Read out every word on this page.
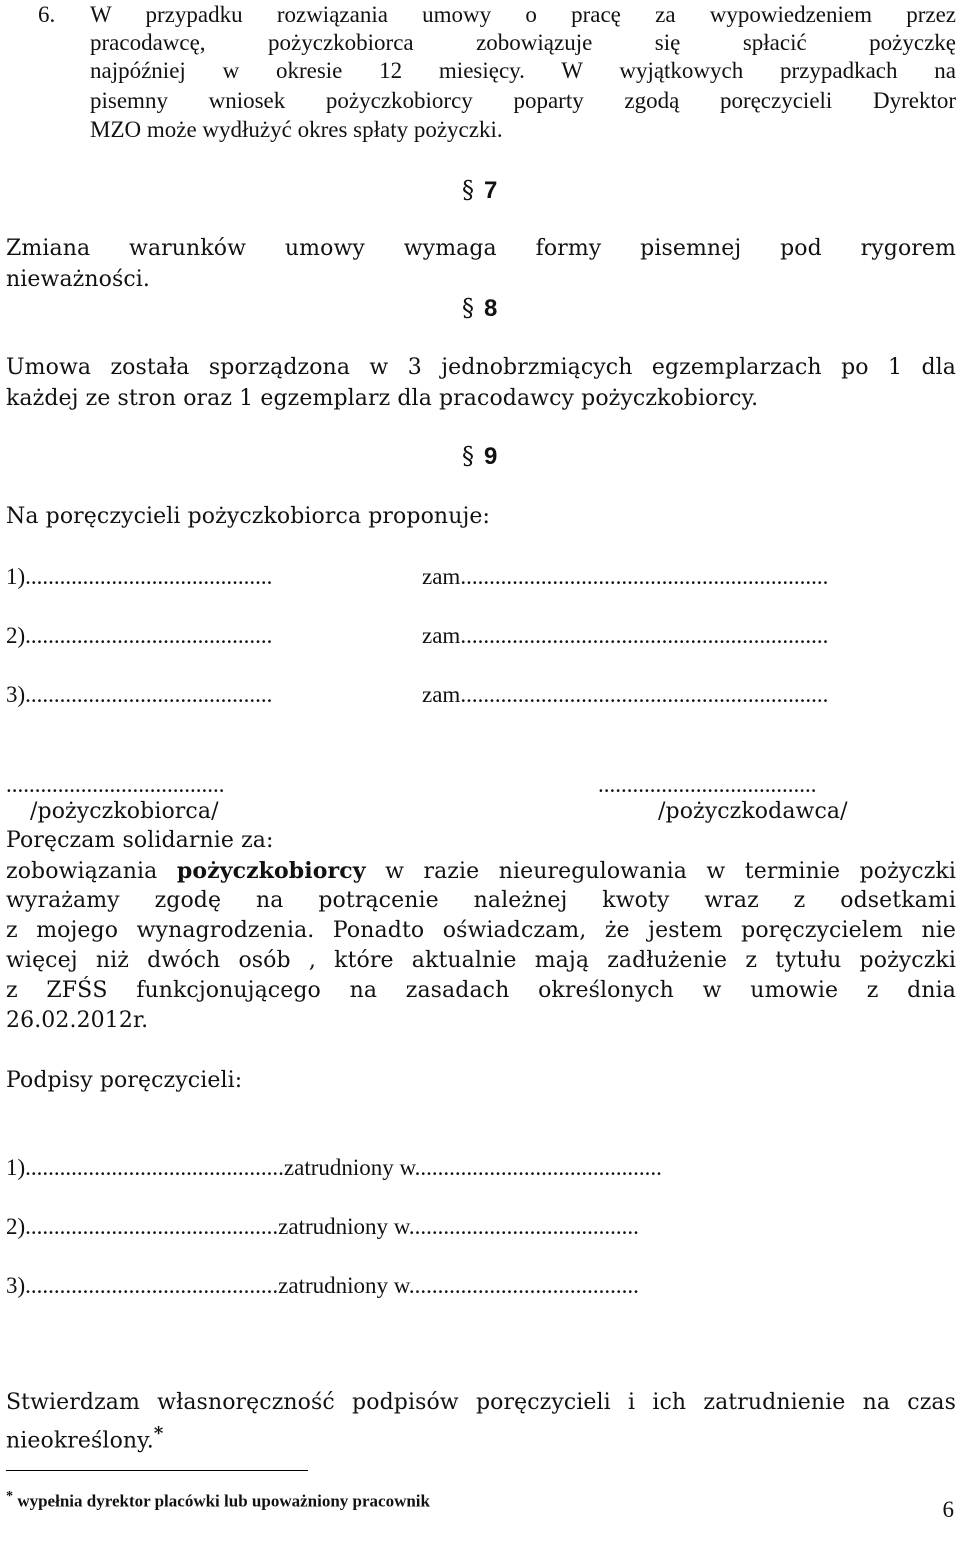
6. W przypadku rozwiązania umowy o pracę za wypowiedzeniem przez
pracodawcę, pożyczkobiorca zobowiązuje się spłacić pożyczkę
najpóźniej w okresie 12 miesięcy. W wyjątkowych przypadkach na
pisemny wniosek pożyczkobiorcy poparty zgodą poręczycieli Dyrektor
MZO może wydłużyć okres spłaty pożyczki.
§ 7
Zmiana warunków umowy wymaga formy pisemnej pod rygorem
nieważności.
§ 8
Umowa została sporządzona w 3 jednobrzmiących egzemplarzach po 1 dla
każdej ze stron oraz 1 egzemplarz dla pracodawcy pożyczkobiorcy.
§ 9
Na poręczycieli pożyczkobiorca proponuje:
1)...........................................	zam................................................................
2)...........................................	zam................................................................
3)...........................................	zam................................................................
......................................	......................................
/pożyczkobiorca/	/pożyczkodawca/
Poręczam solidarnie za:
zobowiązania pożyczkobiorcy w razie nieuregulowania w terminie pożyczki
wyrażamy zgodę na potrącenie należnej kwoty wraz z odsetkami
z mojego wynagrodzenia. Ponadto oświadczam, że jestem poręczycielem nie
więcej niż dwóch osób , które aktualnie mają zadłużenie z tytułu pożyczki
z ZFŚS funkcjonującego na zasadach określonych w umowie z dnia
26.02.2012r.
Podpisy poręczycieli:
1).............................................zatrudniony w...........................................
2)............................................zatrudniony w........................................
3)............................................zatrudniony w........................................
Stwierdzam własnoręczność podpisów poręczycieli i ich zatrudnienie na czas
nieokreślony.*
* wypełnia dyrektor placówki lub upoważniony pracownik	6
